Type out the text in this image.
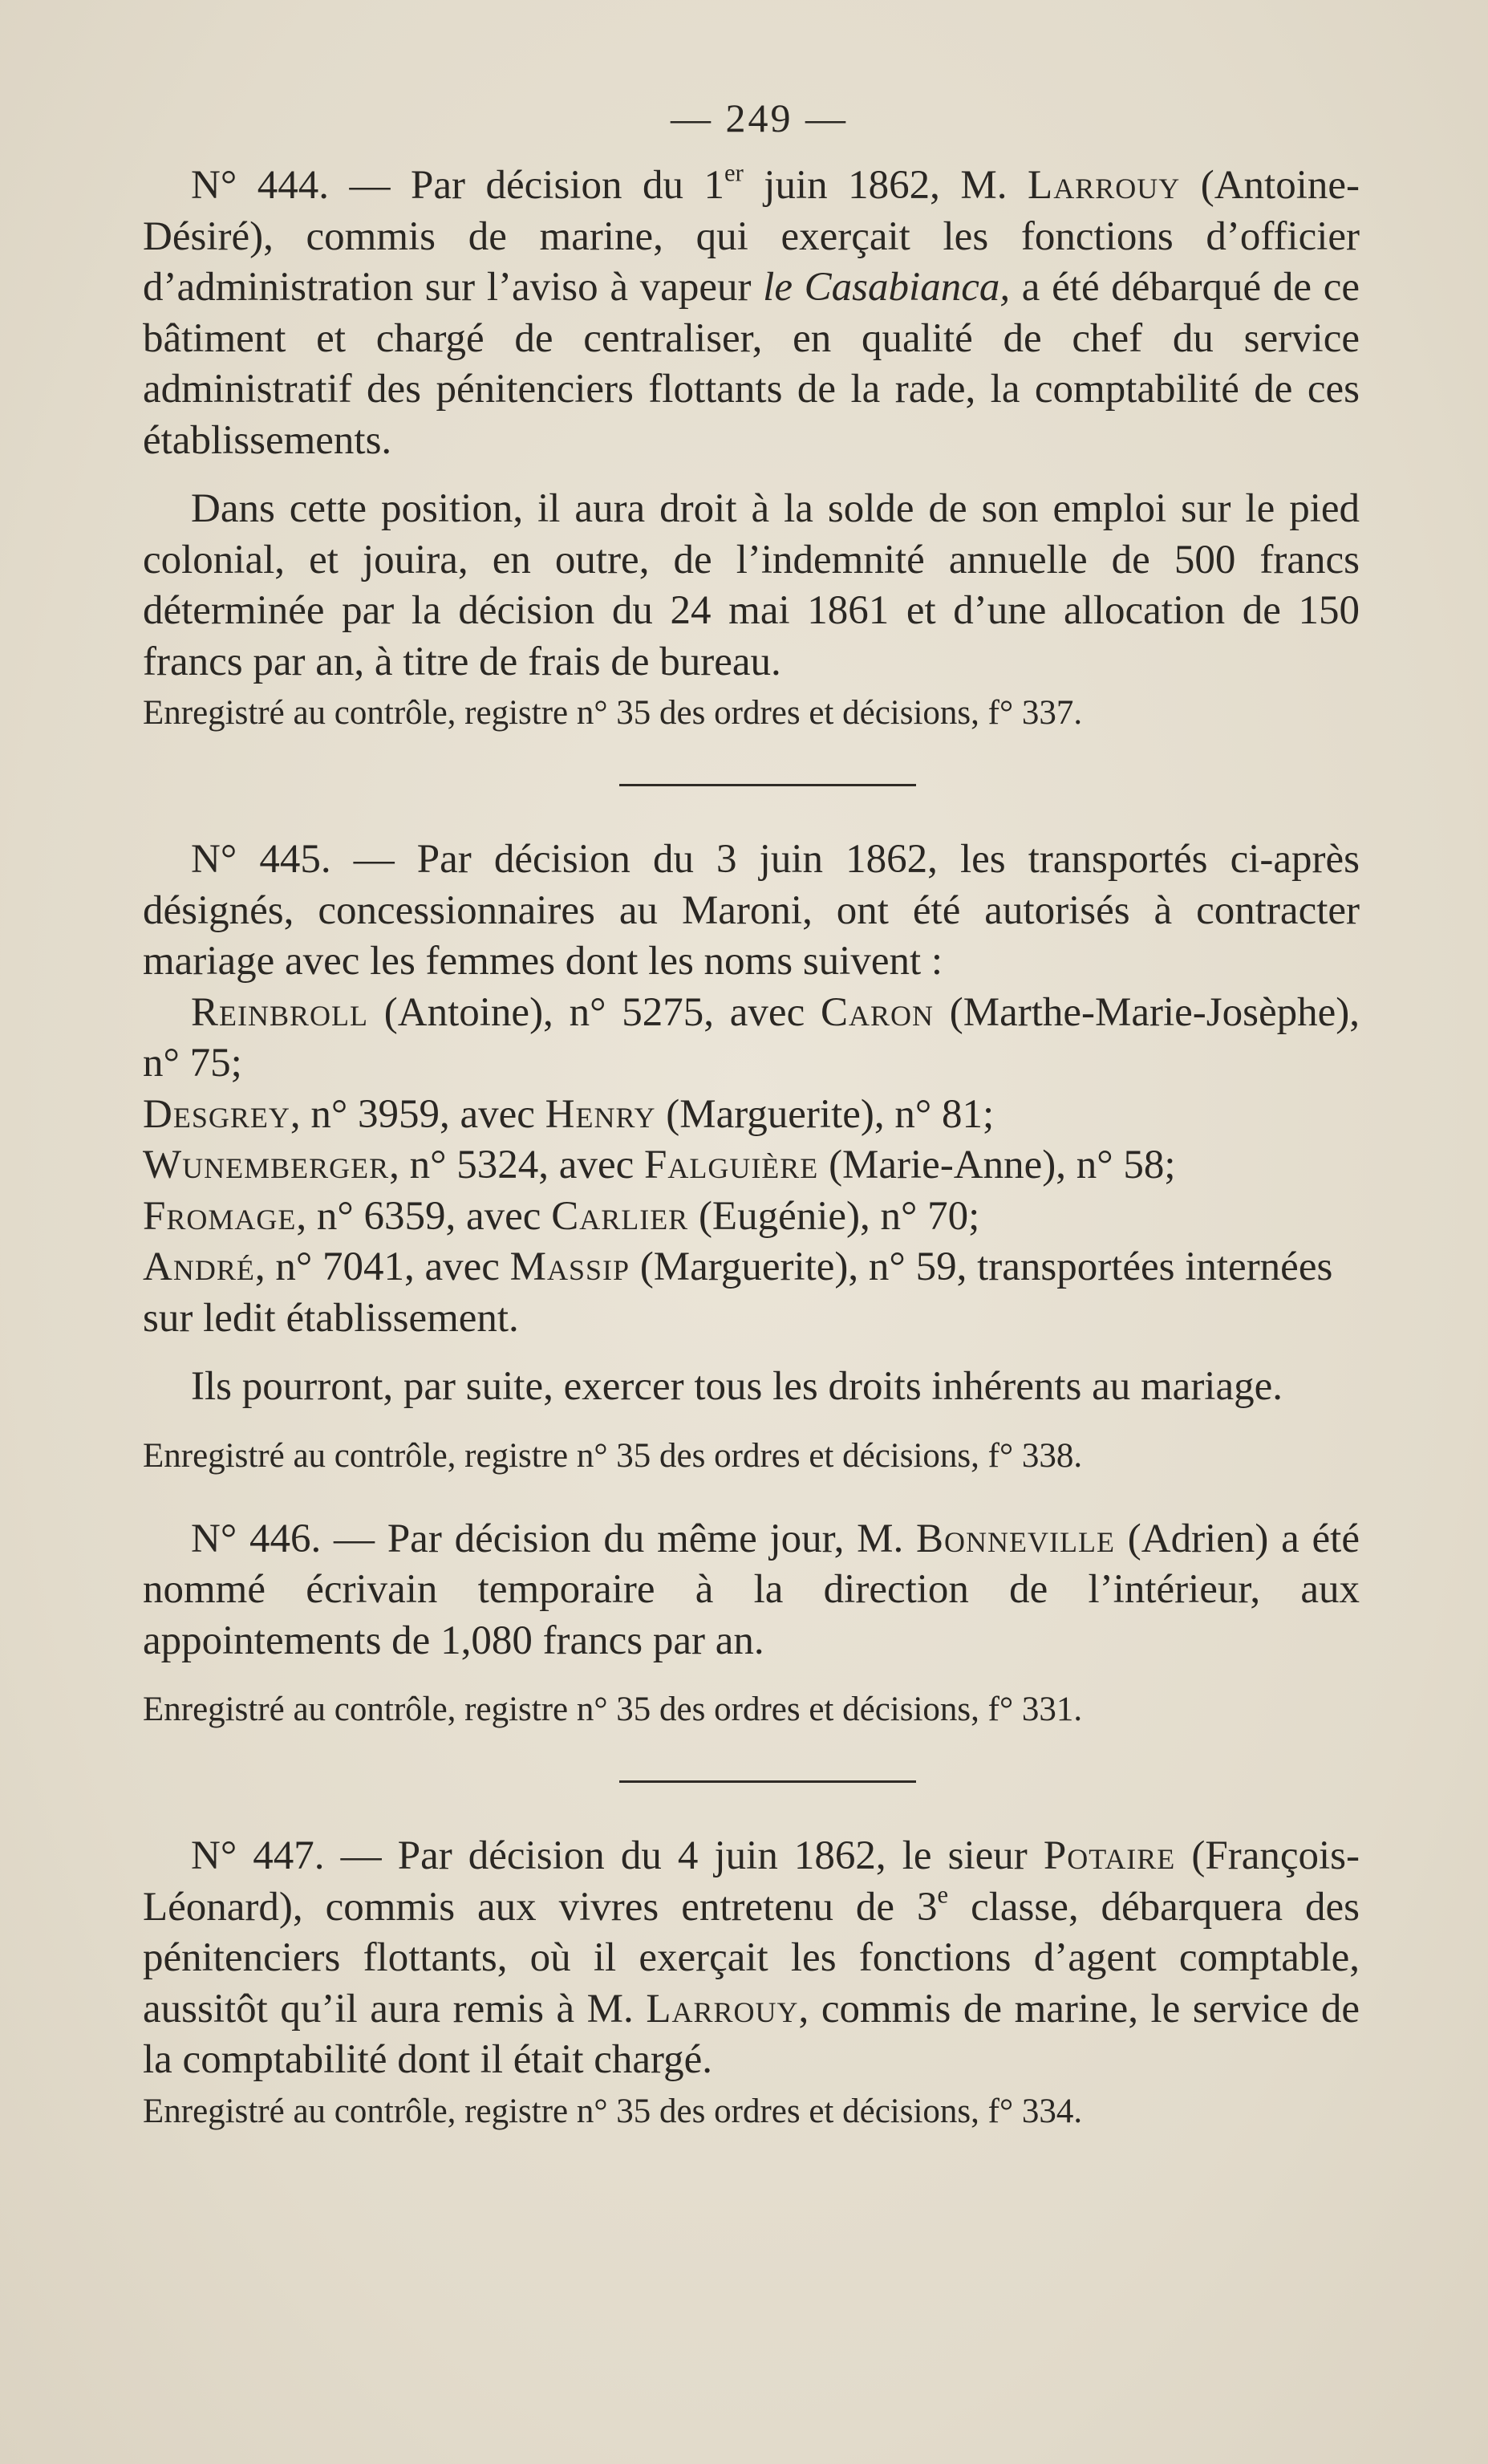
— 249 —

N° 444. — Par décision du 1er juin 1862, M. Larrouy (Antoine-Désiré), commis de marine, qui exerçait les fonctions d’officier d’administration sur l’aviso à vapeur le Casabianca, a été débarqué de ce bâtiment et chargé de centraliser, en qualité de chef du service administratif des pénitenciers flottants de la rade, la comptabilité de ces établissements.

Dans cette position, il aura droit à la solde de son emploi sur le pied colonial, et jouira, en outre, de l’indemnité annuelle de 500 francs déterminée par la décision du 24 mai 1861 et d’une allocation de 150 francs par an, à titre de frais de bureau.

Enregistré au contrôle, registre n° 35 des ordres et décisions, f° 337.

N° 445. — Par décision du 3 juin 1862, les transportés ci-après désignés, concessionnaires au Maroni, ont été autorisés à contracter mariage avec les femmes dont les noms suivent :

Reinbroll (Antoine), n° 5275, avec Caron (Marthe-Marie-Josèphe), n° 75;

Desgrey, n° 3959, avec Henry (Marguerite), n° 81;

Wunemberger, n° 5324, avec Falguière (Marie-Anne), n° 58;

Fromage, n° 6359, avec Carlier (Eugénie), n° 70;

André, n° 7041, avec Massip (Marguerite), n° 59, transportées internées sur ledit établissement.

Ils pourront, par suite, exercer tous les droits inhérents au mariage.

Enregistré au contrôle, registre n° 35 des ordres et décisions, f° 338.

N° 446. — Par décision du même jour, M. Bonneville (Adrien) a été nommé écrivain temporaire à la direction de l’intérieur, aux appointements de 1,080 francs par an.

Enregistré au contrôle, registre n° 35 des ordres et décisions, f° 331.

N° 447. — Par décision du 4 juin 1862, le sieur Potaire (François-Léonard), commis aux vivres entretenu de 3e classe, débarquera des pénitenciers flottants, où il exerçait les fonctions d’agent comptable, aussitôt qu’il aura remis à M. Larrouy, commis de marine, le service de la comptabilité dont il était chargé.

Enregistré au contrôle, registre n° 35 des ordres et décisions, f° 334.
